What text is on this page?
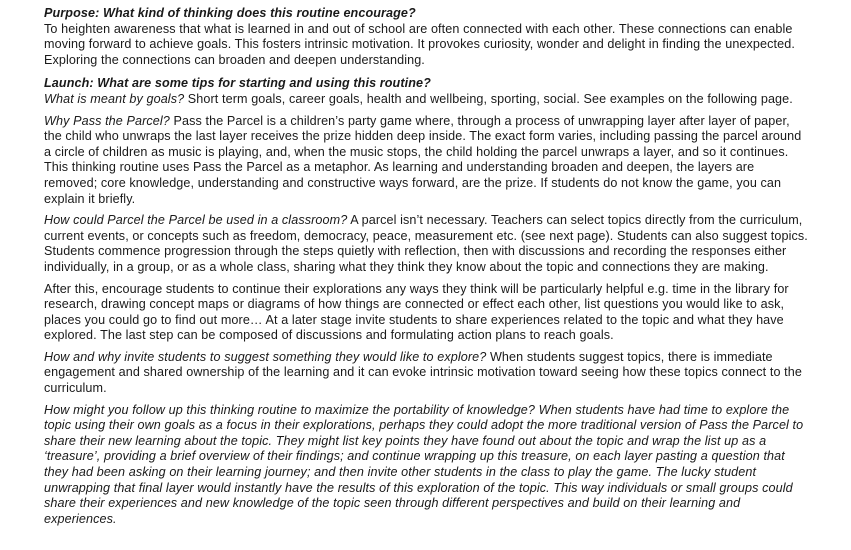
Purpose: What kind of thinking does this routine encourage?
To heighten awareness that what is learned in and out of school are often connected with each other. These connections can enable moving forward to achieve goals. This fosters intrinsic motivation. It provokes curiosity, wonder and delight in finding the unexpected. Exploring the connections can broaden and deepen understanding.

Launch: What are some tips for starting and using this routine?
What is meant by goals? Short term goals, career goals, health and wellbeing, sporting, social. See examples on the following page.

Why Pass the Parcel? Pass the Parcel is a children’s party game where, through a process of unwrapping layer after layer of paper, the child who unwraps the last layer receives the prize hidden deep inside. The exact form varies, including passing the parcel around a circle of children as music is playing, and, when the music stops, the child holding the parcel unwraps a layer, and so it continues. This thinking routine uses Pass the Parcel as a metaphor. As learning and understanding broaden and deepen, the layers are removed; core knowledge, understanding and constructive ways forward, are the prize. If students do not know the game, you can explain it briefly.

How could Parcel the Parcel be used in a classroom? A parcel isn’t necessary. Teachers can select topics directly from the curriculum, current events, or concepts such as freedom, democracy, peace, measurement etc. (see next page). Students can also suggest topics. Students commence progression through the steps quietly with reflection, then with discussions and recording the responses either individually, in a group, or as a whole class, sharing what they think they know about the topic and connections they are making.

After this, encourage students to continue their explorations any ways they think will be particularly helpful e.g. time in the library for research, drawing concept maps or diagrams of how things are connected or effect each other, list questions you would like to ask, places you could go to find out more… At a later stage invite students to share experiences related to the topic and what they have explored. The last step can be composed of discussions and formulating action plans to reach goals.

How and why invite students to suggest something they would like to explore? When students suggest topics, there is immediate engagement and shared ownership of the learning and it can evoke intrinsic motivation toward seeing how these topics connect to the curriculum.

How might you follow up this thinking routine to maximize the portability of knowledge? When students have had time to explore the topic using their own goals as a focus in their explorations, perhaps they could adopt the more traditional version of Pass the Parcel to share their new learning about the topic. They might list key points they have found out about the topic and wrap the list up as a ‘treasure’, providing a brief overview of their findings; and continue wrapping up this treasure, on each layer pasting a question that they had been asking on their learning journey; and then invite other students in the class to play the game. The lucky student unwrapping that final layer would instantly have the results of this exploration of the topic. This way individuals or small groups could share their experiences and new knowledge of the topic seen through different perspectives and build on their learning and experiences.
